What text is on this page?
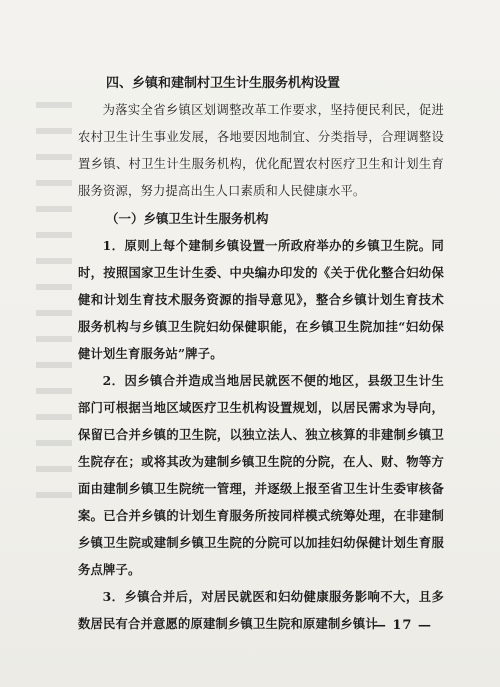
四、乡镇和建制村卫生计生服务机构设置

为落实全省乡镇区划调整改革工作要求，坚持便民利民，促进农村卫生计生事业发展，各地要因地制宜、分类指导，合理调整设置乡镇、村卫生计生服务机构，优化配置农村医疗卫生和计划生育服务资源，努力提高出生人口素质和人民健康水平。

（一）乡镇卫生计生服务机构

1．原则上每个建制乡镇设置一所政府举办的乡镇卫生院。同时，按照国家卫生计生委、中央编办印发的《关于优化整合妇幼保健和计划生育技术服务资源的指导意见》，整合乡镇计划生育技术服务机构与乡镇卫生院妇幼保健职能，在乡镇卫生院加挂“妇幼保健计划生育服务站”牌子。

2．因乡镇合并造成当地居民就医不便的地区，县级卫生计生部门可根据当地区域医疗卫生机构设置规划，以居民需求为导向，保留已合并乡镇的卫生院，以独立法人、独立核算的非建制乡镇卫生院存在；或将其改为建制乡镇卫生院的分院，在人、财、物等方面由建制乡镇卫生院统一管理，并逐级上报至省卫生计生委审核备案。已合并乡镇的计划生育服务所按同样模式统筹处理，在非建制乡镇卫生院或建制乡镇卫生院的分院可以加挂妇幼保健计划生育服务点牌子。

3．乡镇合并后，对居民就医和妇幼健康服务影响不大，且多数居民有合并意愿的原建制乡镇卫生院和原建制乡镇计

— 17 —
